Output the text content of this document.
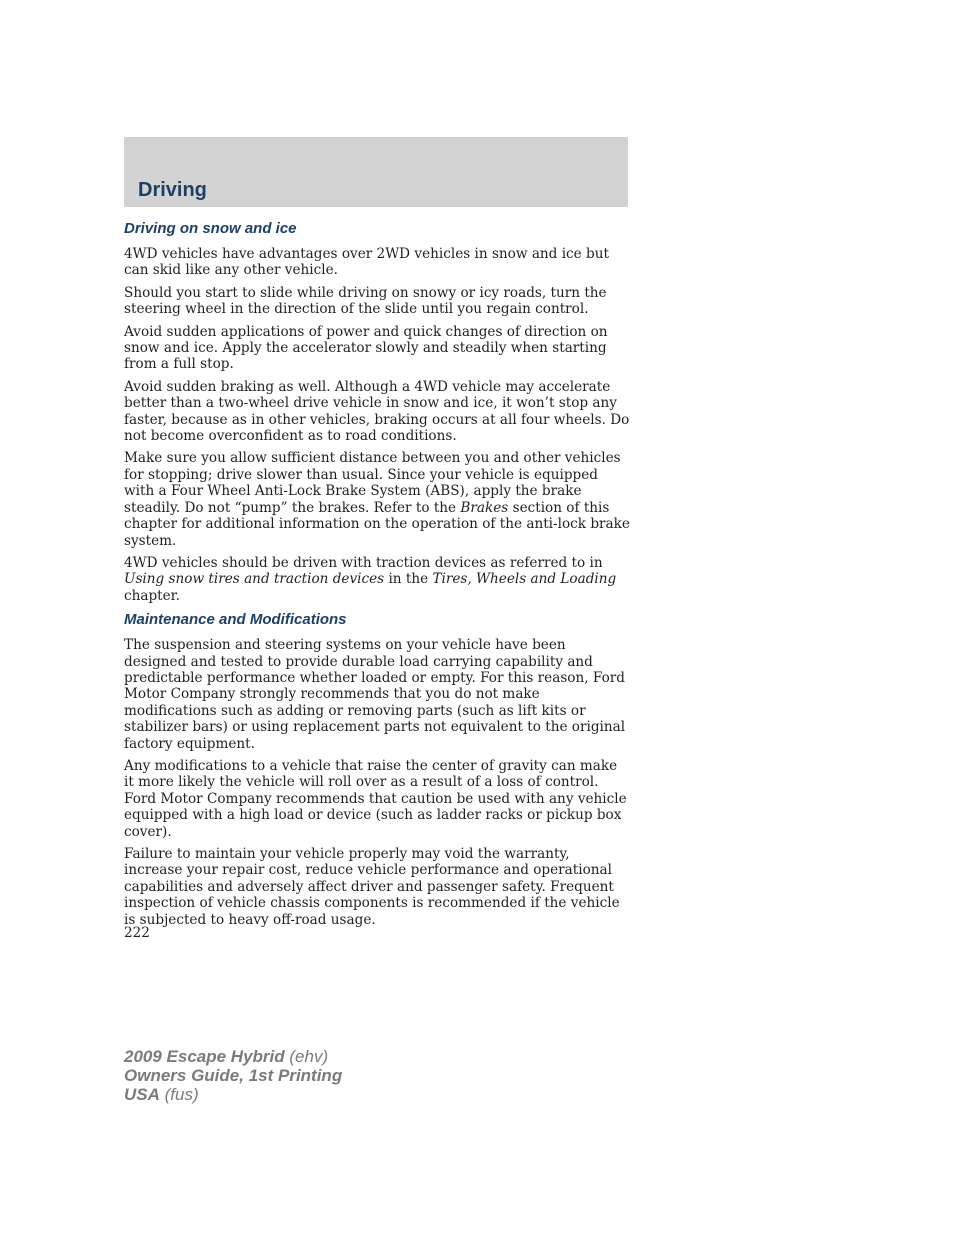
Driving
Driving on snow and ice

4WD vehicles have advantages over 2WD vehicles in snow and ice but can skid like any other vehicle.

Should you start to slide while driving on snowy or icy roads, turn the steering wheel in the direction of the slide until you regain control.

Avoid sudden applications of power and quick changes of direction on snow and ice. Apply the accelerator slowly and steadily when starting from a full stop.

Avoid sudden braking as well. Although a 4WD vehicle may accelerate better than a two-wheel drive vehicle in snow and ice, it won’t stop any faster, because as in other vehicles, braking occurs at all four wheels. Do not become overconfident as to road conditions.

Make sure you allow sufficient distance between you and other vehicles for stopping; drive slower than usual. Since your vehicle is equipped with a Four Wheel Anti-Lock Brake System (ABS), apply the brake steadily. Do not “pump” the brakes. Refer to the Brakes section of this chapter for additional information on the operation of the anti-lock brake system.

4WD vehicles should be driven with traction devices as referred to in Using snow tires and traction devices in the Tires, Wheels and Loading chapter.

Maintenance and Modifications

The suspension and steering systems on your vehicle have been designed and tested to provide durable load carrying capability and predictable performance whether loaded or empty. For this reason, Ford Motor Company strongly recommends that you do not make modifications such as adding or removing parts (such as lift kits or stabilizer bars) or using replacement parts not equivalent to the original factory equipment.

Any modifications to a vehicle that raise the center of gravity can make it more likely the vehicle will roll over as a result of a loss of control. Ford Motor Company recommends that caution be used with any vehicle equipped with a high load or device (such as ladder racks or pickup box cover).

Failure to maintain your vehicle properly may void the warranty, increase your repair cost, reduce vehicle performance and operational capabilities and adversely affect driver and passenger safety. Frequent inspection of vehicle chassis components is recommended if the vehicle is subjected to heavy off-road usage.

222
2009 Escape Hybrid (ehv)
Owners Guide, 1st Printing
USA (fus)
